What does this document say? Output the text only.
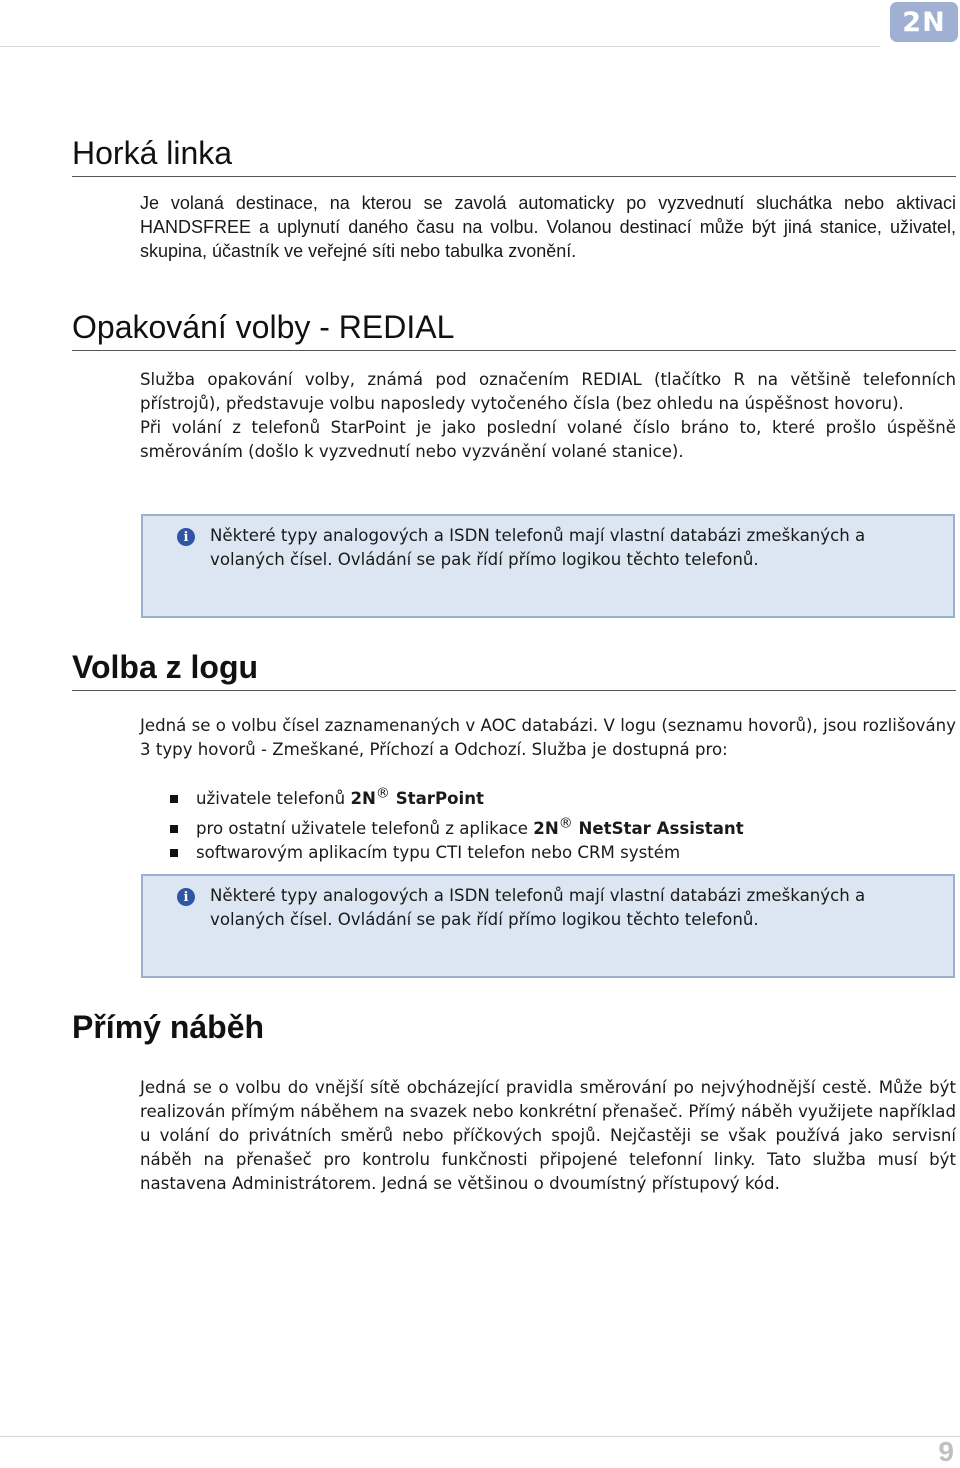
2N
Horká linka

Je volaná destinace, na kterou se zavolá automaticky po vyzvednutí sluchátka nebo aktivaci HANDSFREE a uplynutí daného času na volbu. Volanou destinací může být jiná stanice, uživatel, skupina, účastník ve veřejné síti nebo tabulka zvonění.

Opakování volby - REDIAL

Služba opakování volby, známá pod označením REDIAL (tlačítko R na většině telefonních přístrojů), představuje volbu naposledy vytočeného čísla (bez ohledu na úspěšnost hovoru).

Při volání z telefonů StarPoint je jako poslední volané číslo bráno to, které prošlo úspěšně směrováním (došlo k vyzvednutí nebo vyzvánění volané stanice).

i	Některé typy analogových a ISDN telefonů mají vlastní databázi zmeškaných a volaných čísel. Ovládání se pak řídí přímo logikou těchto telefonů.

Volba z logu

Jedná se o volbu čísel zaznamenaných v AOC databázi. V logu (seznamu hovorů), jsou rozlišovány 3 typy hovorů - Zmeškané, Příchozí a Odchozí. Služba je dostupná pro:

uživatele telefonů 2N® StarPoint
pro ostatní uživatele telefonů z aplikace 2N® NetStar Assistant
softwarovým aplikacím typu CTI telefon nebo CRM systém
i	Některé typy analogových a ISDN telefonů mají vlastní databázi zmeškaných a volaných čísel. Ovládání se pak řídí přímo logikou těchto telefonů.

Přímý náběh

Jedná se o volbu do vnější sítě obcházející pravidla směrování po nejvýhodnější cestě. Může být realizován přímým náběhem na svazek nebo konkrétní přenašeč. Přímý náběh využijete například u volání do privátních směrů nebo příčkových spojů. Nejčastěji se však používá jako servisní náběh na přenašeč pro kontrolu funkčnosti připojené telefonní linky. Tato služba musí být nastavena Administrátorem. Jedná se většinou o dvoumístný přístupový kód.

9
